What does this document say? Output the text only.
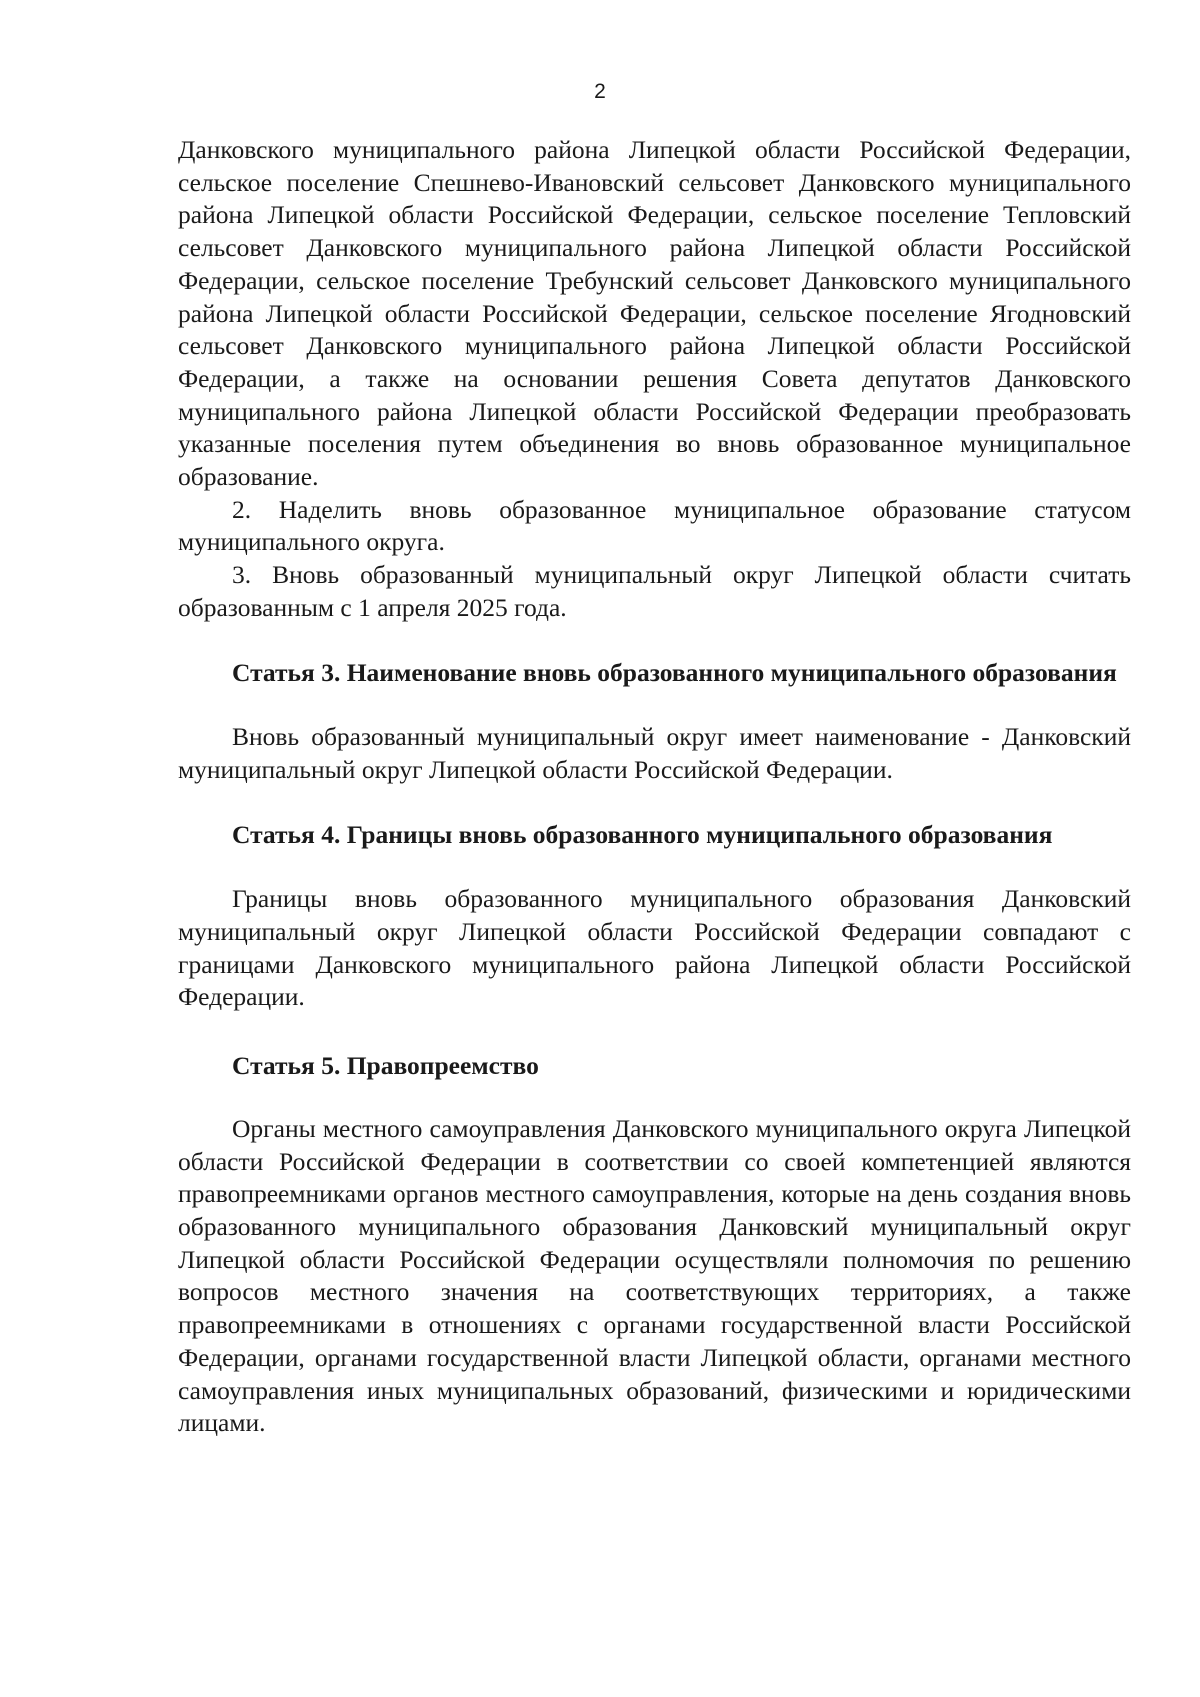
2

Данковского муниципального района Липецкой области Российской Федерации, сельское поселение Спешнево-Ивановский сельсовет Данковского муниципального района Липецкой области Российской Федерации, сельское поселение Тепловский сельсовет Данковского муниципального района Липецкой области Российской Федерации, сельское поселение Требунский сельсовет Данковского муниципального района Липецкой области Российской Федерации, сельское поселение Ягодновский сельсовет Данковского муниципального района Липецкой области Российской Федерации, а также на основании решения Совета депутатов Данковского муниципального района Липецкой области Российской Федерации преобразовать указанные поселения путем объединения во вновь образованное муниципальное образование.

2. Наделить вновь образованное муниципальное образование статусом муниципального округа.

3. Вновь образованный муниципальный округ Липецкой области считать образованным с 1 апреля 2025 года.

Статья 3. Наименование вновь образованного муниципального образования

Вновь образованный муниципальный округ имеет наименование - Данковский муниципальный округ Липецкой области Российской Федерации.

Статья 4. Границы вновь образованного муниципального образования

Границы вновь образованного муниципального образования Данковский муниципальный округ Липецкой области Российской Федерации совпадают с границами Данковского муниципального района Липецкой области Российской Федерации.

Статья 5. Правопреемство

Органы местного самоуправления Данковского муниципального округа Липецкой области Российской Федерации в соответствии со своей компетенцией являются правопреемниками органов местного самоуправления, которые на день создания вновь образованного муниципального образования Данковский муниципальный округ Липецкой области Российской Федерации осуществляли полномочия по решению вопросов местного значения на соответствующих территориях, а также правопреемниками в отношениях с органами государственной власти Российской Федерации, органами государственной власти Липецкой области, органами местного самоуправления иных муниципальных образований, физическими и юридическими лицами.
